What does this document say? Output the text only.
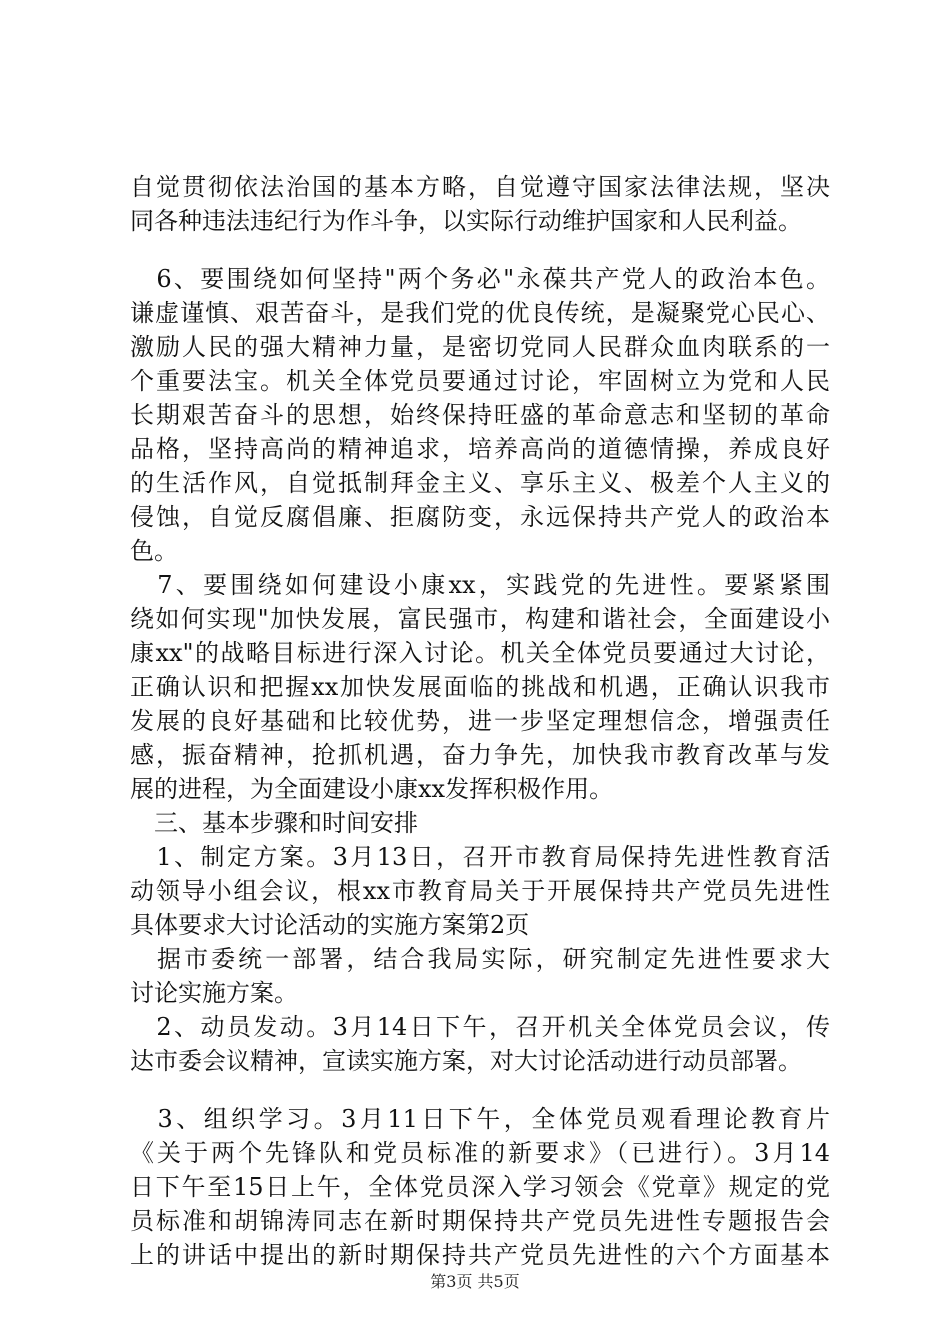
自觉贯彻依法治国的基本方略，自觉遵守国家法律法规，坚决
同各种违法违纪行为作斗争，以实际行动维护国家和人民利益。
　6、要围绕如何坚持"两个务必"永葆共产党人的政治本色。
谦虚谨慎、艰苦奋斗，是我们党的优良传统，是凝聚党心民心、
激励人民的强大精神力量，是密切党同人民群众血肉联系的一
个重要法宝。机关全体党员要通过讨论，牢固树立为党和人民
长期艰苦奋斗的思想，始终保持旺盛的革命意志和坚韧的革命
品格，坚持高尚的精神追求，培养高尚的道德情操，养成良好
的生活作风，自觉抵制拜金主义、享乐主义、极差个人主义的
侵蚀，自觉反腐倡廉、拒腐防变，永远保持共产党人的政治本
色。
　7、要围绕如何建设小康xx，实践党的先进性。要紧紧围
绕如何实现"加快发展，富民强市，构建和谐社会，全面建设小
康xx"的战略目标进行深入讨论。机关全体党员要通过大讨论，
正确认识和把握xx加快发展面临的挑战和机遇，正确认识我市
发展的良好基础和比较优势，进一步坚定理想信念，增强责任
感，振奋精神，抢抓机遇，奋力争先，加快我市教育改革与发
展的进程，为全面建设小康xx发挥积极作用。
　三、基本步骤和时间安排
　1、制定方案。3月13日，召开市教育局保持先进性教育活
动领导小组会议，根xx市教育局关于开展保持共产党员先进性
具体要求大讨论活动的实施方案第2页
　据市委统一部署，结合我局实际，研究制定先进性要求大
讨论实施方案。
　2、动员发动。3月14日下午，召开机关全体党员会议，传
达市委会议精神，宣读实施方案，对大讨论活动进行动员部署。
　3、组织学习。3月11日下午，全体党员观看理论教育片
《关于两个先锋队和党员标准的新要求》（已进行）。3月14
日下午至15日上午，全体党员深入学习领会《党章》规定的党
员标准和胡锦涛同志在新时期保持共产党员先进性专题报告会
上的讲话中提出的新时期保持共产党员先进性的六个方面基本
第3页 共5页
